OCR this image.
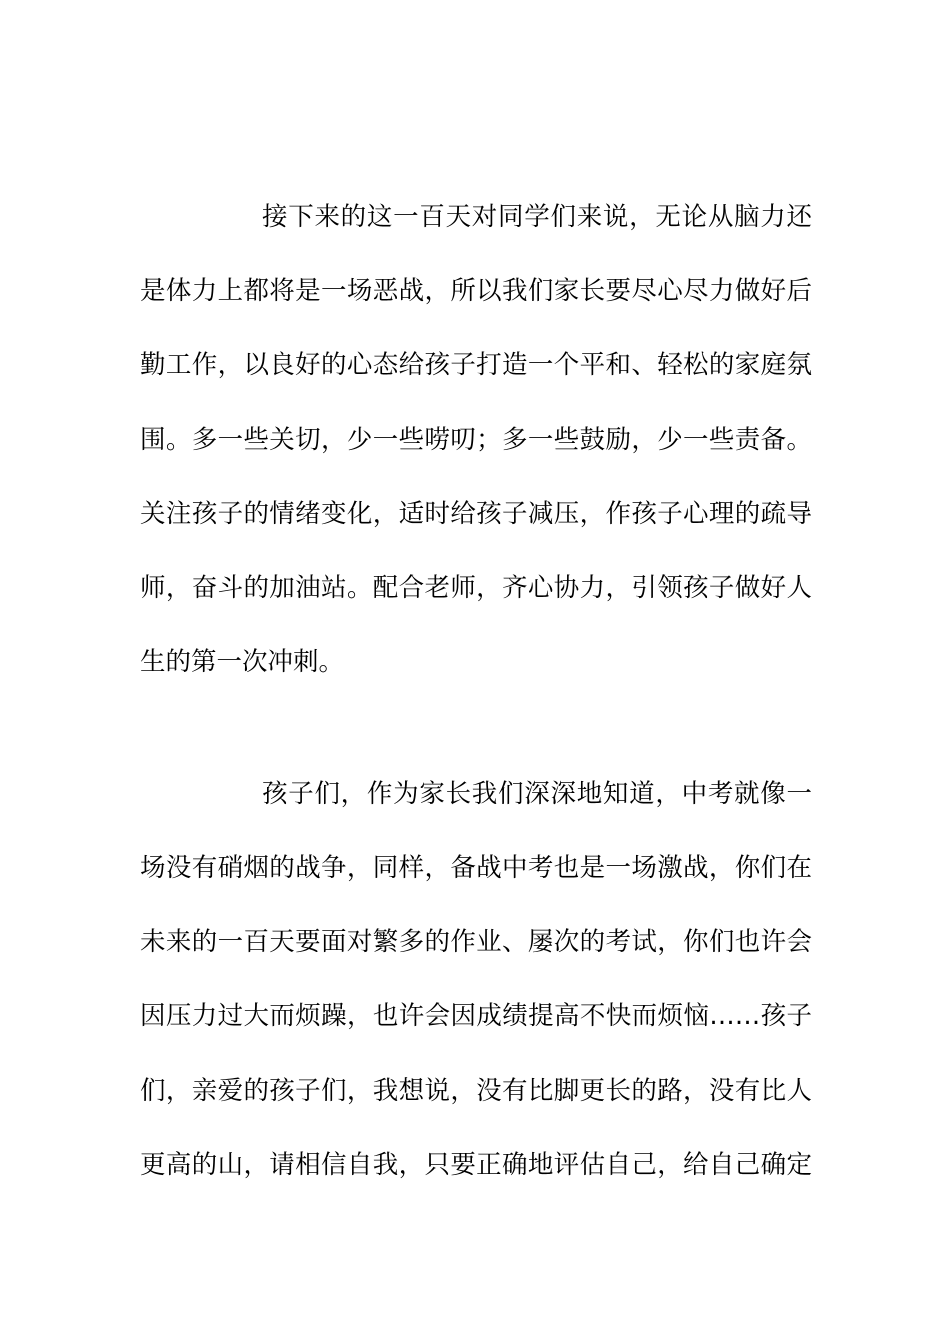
接下来的这一百天对同学们来说，无论从脑力还
是体力上都将是一场恶战，所以我们家长要尽心尽力做好后
勤工作，以良好的心态给孩子打造一个平和、轻松的家庭氛
围。多一些关切，少一些唠叨；多一些鼓励，少一些责备。
关注孩子的情绪变化，适时给孩子减压，作孩子心理的疏导
师，奋斗的加油站。配合老师，齐心协力，引领孩子做好人
生的第一次冲刺。
孩子们，作为家长我们深深地知道，中考就像一
场没有硝烟的战争，同样，备战中考也是一场激战，你们在
未来的一百天要面对繁多的作业、屡次的考试，你们也许会
因压力过大而烦躁，也许会因成绩提高不快而烦恼……孩子
们，亲爱的孩子们，我想说，没有比脚更长的路，没有比人
更高的山，请相信自我，只要正确地评估自己，给自己确定
